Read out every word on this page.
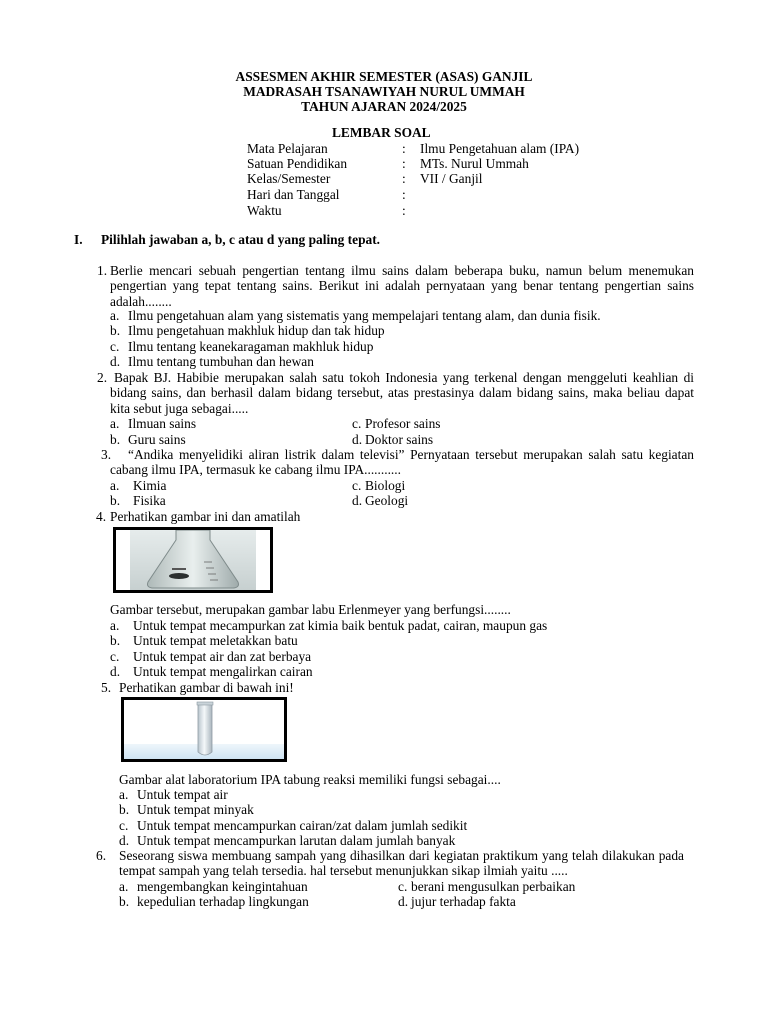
ASSESMEN AKHIR SEMESTER (ASAS) GANJIL
MADRASAH TSANAWIYAH NURUL UMMAH
TAHUN AJARAN 2024/2025
LEMBAR SOAL
Mata Pelajaran	: Ilmu Pengetahuan alam (IPA)
Satuan Pendidikan	: MTs. Nurul Ummah
Kelas/Semester	: VII / Ganjil
Hari dan Tanggal	:
Waktu	:
I. Pilihlah jawaban a, b, c atau d yang paling tepat.
1. Berlie mencari sebuah pengertian tentang ilmu sains dalam beberapa buku, namun belum menemukan pengertian yang tepat tentang sains. Berikut ini adalah pernyataan yang benar tentang pengertian sains adalah........
a. Ilmu pengetahuan alam yang sistematis yang mempelajari tentang alam, dan dunia fisik.
b. Ilmu pengetahuan makhluk hidup dan tak hidup
c. Ilmu tentang keanekaragaman makhluk hidup
d. Ilmu tentang tumbuhan dan hewan
2. Bapak BJ. Habibie merupakan salah satu tokoh Indonesia yang terkenal dengan menggeluti keahlian di bidang sains, dan berhasil dalam bidang tersebut, atas prestasinya dalam bidang sains, maka beliau dapat kita sebut juga sebagai.....
a. Ilmuan sains	c. Profesor sains
b. Guru sains	d. Doktor sains
3.	“Andika menyelidiki aliran listrik dalam televisi” Pernyataan tersebut merupakan salah satu kegiatan cabang ilmu IPA, termasuk ke cabang ilmu IPA...........
a. Kimia	c. Biologi
b. Fisika	d. Geologi
4. Perhatikan gambar ini dan amatilah
Gambar tersebut, merupakan gambar labu Erlenmeyer yang berfungsi........
a. Untuk tempat mecampurkan zat kimia baik bentuk padat, cairan, maupun gas
b. Untuk tempat meletakkan batu
c. Untuk tempat air dan zat berbaya
d. Untuk tempat mengalirkan cairan
5. Perhatikan gambar di bawah ini!
Gambar alat laboratorium IPA tabung reaksi memiliki fungsi sebagai....
a. Untuk tempat air
b. Untuk tempat minyak
c. Untuk tempat mencampurkan cairan/zat dalam jumlah sedikit
d. Untuk tempat mencampurkan larutan dalam jumlah banyak
6. Seseorang siswa membuang sampah yang dihasilkan dari kegiatan praktikum yang telah dilakukan pada tempat sampah yang telah tersedia. hal tersebut menunjukkan sikap ilmiah yaitu .....
a. mengembangkan keingintahuan	c. berani mengusulkan perbaikan
b. kepedulian terhadap lingkungan	d. jujur terhadap fakta
